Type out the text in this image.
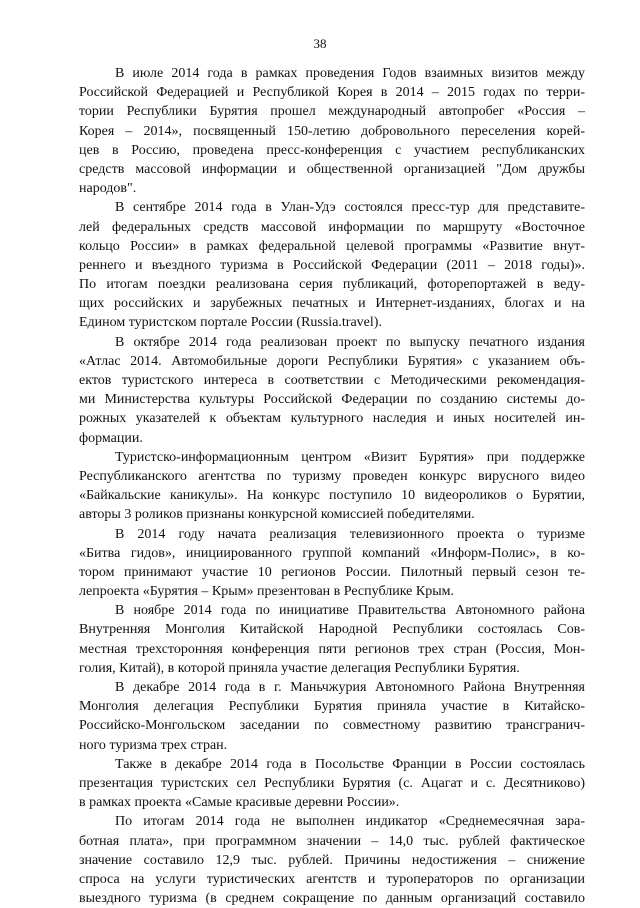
38
В июле 2014 года в рамках проведения Годов взаимных визитов между
Российской Федерацией и Республикой Корея в 2014 – 2015 годах по терри-
тории Республики Бурятия прошел международный автопробег «Россия –
Корея – 2014», посвященный 150-летию добровольного переселения корей-
цев в Россию, проведена пресс-конференция с участием республиканских
средств массовой информации и общественной организацией "Дом дружбы
народов".
В сентябре 2014 года в Улан-Удэ состоялся пресс-тур для представите-
лей федеральных средств массовой информации по маршруту «Восточное
кольцо России» в рамках федеральной целевой программы «Развитие внут-
реннего и въездного туризма в Российской Федерации (2011 – 2018 годы)».
По итогам поездки реализована серия публикаций, фоторепортажей в веду-
щих российских и зарубежных печатных и Интернет-изданиях, блогах и на
Едином туристском портале России (Russia.travel).
В октябре 2014 года реализован проект по выпуску печатного издания
«Атлас 2014. Автомобильные дороги Республики Бурятия» с указанием объ-
ектов туристского интереса в соответствии с Методическими рекомендация-
ми Министерства культуры Российской Федерации по созданию системы до-
рожных указателей к объектам культурного наследия и иных носителей ин-
формации.
Туристско-информационным центром «Визит Бурятия» при поддержке
Республиканского агентства по туризму проведен конкурс вирусного видео
«Байкальские каникулы». На конкурс поступило 10 видеороликов о Бурятии,
авторы 3 роликов признаны конкурсной комиссией победителями.
В 2014 году начата реализация телевизионного проекта о туризме
«Битва гидов», инициированного группой компаний «Информ-Полис», в ко-
тором принимают участие 10 регионов России. Пилотный первый сезон те-
лепроекта «Бурятия – Крым» презентован в Республике Крым.
В ноябре 2014 года по инициативе Правительства Автономного района
Внутренняя Монголия Китайской Народной Республики состоялась Сов-
местная трехсторонняя конференция пяти регионов трех стран (Россия, Мон-
голия, Китай), в которой приняла участие делегация Республики Бурятия.
В декабре 2014 года в г. Маньчжурия Автономного Района Внутренняя
Монголия делегация Республики Бурятия приняла участие в Китайско-
Российско-Монгольском заседании по совместному развитию трансгранич-
ного туризма трех стран.
Также в декабре 2014 года в Посольстве Франции в России состоялась
презентация туристских сел Республики Бурятия (с. Ацагат и с. Десятниково)
в рамках проекта «Самые красивые деревни России».
По итогам 2014 года не выполнен индикатор «Среднемесячная зара-
ботная плата», при программном значении – 14,0 тыс. рублей фактическое
значение составило 12,9 тыс. рублей. Причины недостижения – снижение
спроса на услуги туристических агентств и туроператоров по организации
выездного туризма (в среднем сокращение по данным организаций составило
